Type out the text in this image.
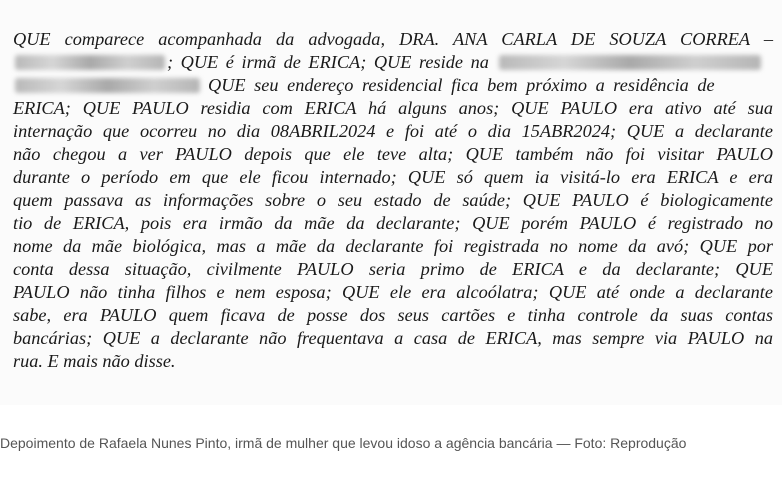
QUE comparece acompanhada da advogada, DRA. ANA CARLA DE SOUZA CORREA –
; QUE é irmã de ERICA; QUE reside na
QUE seu endereço residencial fica bem próximo a residência de
ERICA; QUE PAULO residia com ERICA há alguns anos; QUE PAULO era ativo até sua
internação que ocorreu no dia 08ABRIL2024 e foi até o dia 15ABR2024; QUE a declarante
não chegou a ver PAULO depois que ele teve alta; QUE também não foi visitar PAULO
durante o período em que ele ficou internado; QUE só quem ia visitá-lo era ERICA e era
quem passava as informações sobre o seu estado de saúde; QUE PAULO é biologicamente
tio de ERICA, pois era irmão da mãe da declarante; QUE porém PAULO é registrado no
nome da mãe biológica, mas a mãe da declarante foi registrada no nome da avó; QUE por
conta dessa situação, civilmente PAULO seria primo de ERICA e da declarante; QUE
PAULO não tinha filhos e nem esposa; QUE ele era alcoólatra; QUE até onde a declarante
sabe, era PAULO quem ficava de posse dos seus cartões e tinha controle da suas contas
bancárias; QUE a declarante não frequentava a casa de ERICA, mas sempre via PAULO na
rua. E mais não disse.
Depoimento de Rafaela Nunes Pinto, irmã de mulher que levou idoso a agência bancária — Foto: Reprodução
